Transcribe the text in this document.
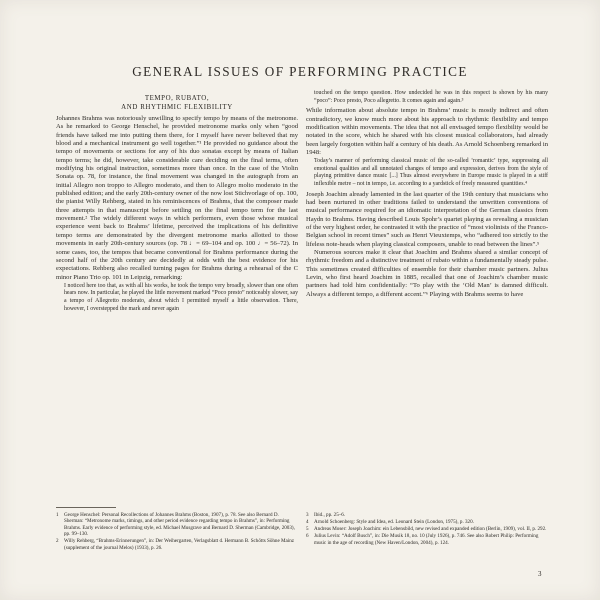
GENERAL ISSUES OF PERFORMING PRACTICE
TEMPO, RUBATO,
AND RHYTHMIC FLEXIBILITY

Johannes Brahms was notoriously unwilling to specify tempo by means of the metronome. As he remarked to George Henschel, he provided metronome marks only when “good friends have talked me into putting them there, for I myself have never believed that my blood and a mechanical instrument go well together.”¹ He provided no guidance about the tempo of movements or sections for any of his duo sonatas except by means of Italian tempo terms; he did, however, take considerable care deciding on the final terms, often modifying his original instruction, sometimes more than once. In the case of the Violin Sonata op. 78, for instance, the final movement was changed in the autograph from an initial Allegro non troppo to Allegro moderato, and then to Allegro molto moderato in the published edition; and the early 20th-century owner of the now lost Stichvorlage of op. 100, the pianist Willy Rehberg, stated in his reminiscences of Brahms, that the composer made three attempts in that manuscript before settling on the final tempo term for the last movement.² The widely different ways in which performers, even those whose musical experience went back to Brahms’ lifetime, perceived the implications of his definitive tempo terms are demonstrated by the divergent metronome marks allotted to those movements in early 20th-century sources (op. 78 ♩= 69–104 and op. 100 ♩= 56–72). In some cases, too, the tempos that became conventional for Brahms performance during the second half of the 20th century are decidedly at odds with the best evidence for his expectations. Rehberg also recalled turning pages for Brahms during a rehearsal of the C minor Piano Trio op. 101 in Leipzig, remarking:

I noticed here too that, as with all his works, he took the tempo very broadly, slower than one often hears now. In particular, he played the little movement marked “Poco presto” noticeably slower, say a tempo of Allegretto moderato, about which I permitted myself a little observation. There, however, I overstepped the mark and never again

touched on the tempo question. How undecided he was in this respect is shown by his many “poco”: Poco presto, Poco allegretto. It comes again and again.³

While information about absolute tempo in Brahms’ music is mostly indirect and often contradictory, we know much more about his approach to rhythmic flexibility and tempo modification within movements. The idea that not all envisaged tempo flexibility would be notated in the score, which he shared with his closest musical collaborators, had already been largely forgotten within half a century of his death. As Arnold Schoenberg remarked in 1948:

Today’s manner of performing classical music of the so-called ‘romantic’ type, suppressing all emotional qualities and all unnotated changes of tempo and expression, derives from the style of playing primitive dance music [...] Thus almost everywhere in Europe music is played in a stiff inflexible metre – not in tempo, i.e. according to a yardstick of freely measured quantities.⁴

Joseph Joachim already lamented in the last quarter of the 19th century that musicians who had been nurtured in other traditions failed to understand the unwritten conventions of musical performance required for an idiomatic interpretation of the German classics from Haydn to Brahms. Having described Louis Spohr’s quartet playing as revealing a musician of the very highest order, he contrasted it with the practice of “most violinists of the Franco-Belgian school in recent times” such as Henri Vieuxtemps, who “adhered too strictly to the lifeless note-heads when playing classical composers, unable to read between the lines”.⁵

Numerous sources make it clear that Joachim and Brahms shared a similar concept of rhythmic freedom and a distinctive treatment of rubato within a fundamentally steady pulse. This sometimes created difficulties of ensemble for their chamber music partners. Julius Levin, who first heard Joachim in 1885, recalled that one of Joachim’s chamber music partners had told him confidentially: “To play with the ‘Old Man’ is damned difficult. Always a different tempo, a different accent.”⁶ Playing with Brahms seems to have

1	George Henschel: Personal Recollections of Johannes Brahms (Boston, 1907), p. 78. See also Bernard D. Sherman: “Metronome marks, timings, and other period evidence regarding tempo in Brahms”, in: Performing Brahms. Early evidence of performing style, ed. Michael Musgrave and Bernard D. Sherman (Cambridge, 2003), pp. 99–130.
2	Willy Rehberg, “Brahms-Erinnerungen”, in: Der Weihergarten, Verlagsblatt d. Hermann B. Schötts Söhne Mainz (supplement of the journal Melos) (1933), p. 26.
3	Ibid., pp. 25–6.
4	Arnold Schoenberg: Style and Idea, ed. Leonard Stein (London, 1975), p. 320.
5	Andreas Moser: Joseph Joachim: ein Lebensbild, new revised and expanded edition (Berlin, 1909), vol. II, p. 292.
6	Julius Levin: “Adolf Busch”, in: Die Musik 18, no. 10 (July 1926), p. 746. See also Robert Philip: Performing music in the age of recording (New Haven/London, 2004), p. 124.
3
